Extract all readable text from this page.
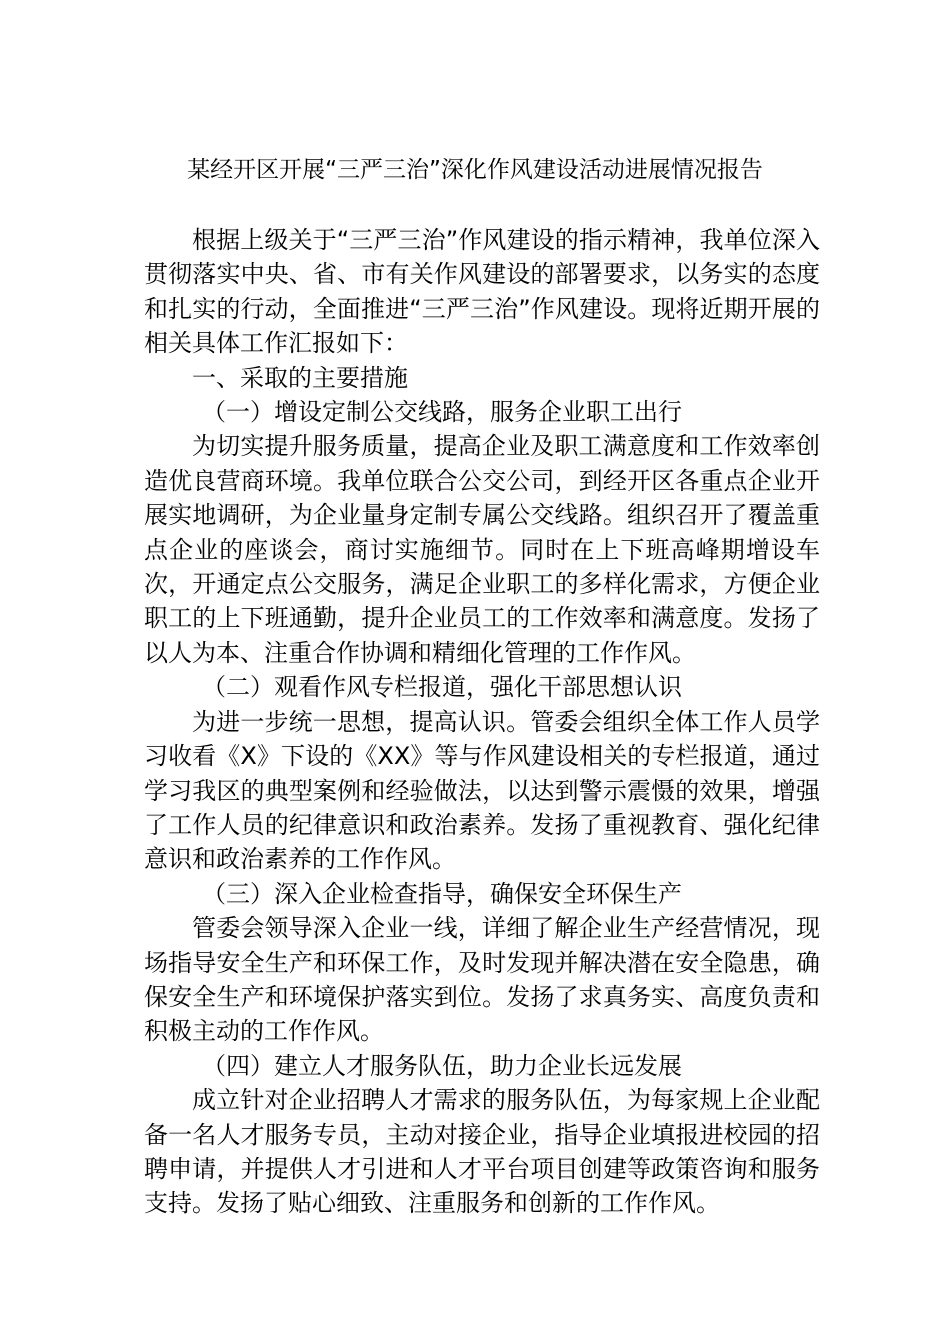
某经开区开展“三严三治”深化作风建设活动进展情况报告

根据上级关于“三严三治”作风建设的指示精神，我单位深入贯彻落实中央、省、市有关作风建设的部署要求，以务实的态度和扎实的行动，全面推进“三严三治”作风建设。现将近期开展的相关具体工作汇报如下：

一、采取的主要措施

（一）增设定制公交线路，服务企业职工出行

为切实提升服务质量，提高企业及职工满意度和工作效率创造优良营商环境。我单位联合公交公司，到经开区各重点企业开展实地调研，为企业量身定制专属公交线路。组织召开了覆盖重点企业的座谈会，商讨实施细节。同时在上下班高峰期增设车次，开通定点公交服务，满足企业职工的多样化需求，方便企业职工的上下班通勤，提升企业员工的工作效率和满意度。发扬了以人为本、注重合作协调和精细化管理的工作作风。

（二）观看作风专栏报道，强化干部思想认识

为进一步统一思想，提高认识。管委会组织全体工作人员学习收看《X》下设的《XX》等与作风建设相关的专栏报道，通过学习我区的典型案例和经验做法，以达到警示震慑的效果，增强了工作人员的纪律意识和政治素养。发扬了重视教育、强化纪律意识和政治素养的工作作风。

（三）深入企业检查指导，确保安全环保生产

管委会领导深入企业一线，详细了解企业生产经营情况，现场指导安全生产和环保工作，及时发现并解决潜在安全隐患，确保安全生产和环境保护落实到位。发扬了求真务实、高度负责和积极主动的工作作风。

（四）建立人才服务队伍，助力企业长远发展

成立针对企业招聘人才需求的服务队伍，为每家规上企业配备一名人才服务专员，主动对接企业，指导企业填报进校园的招聘申请，并提供人才引进和人才平台项目创建等政策咨询和服务支持。发扬了贴心细致、注重服务和创新的工作作风。
